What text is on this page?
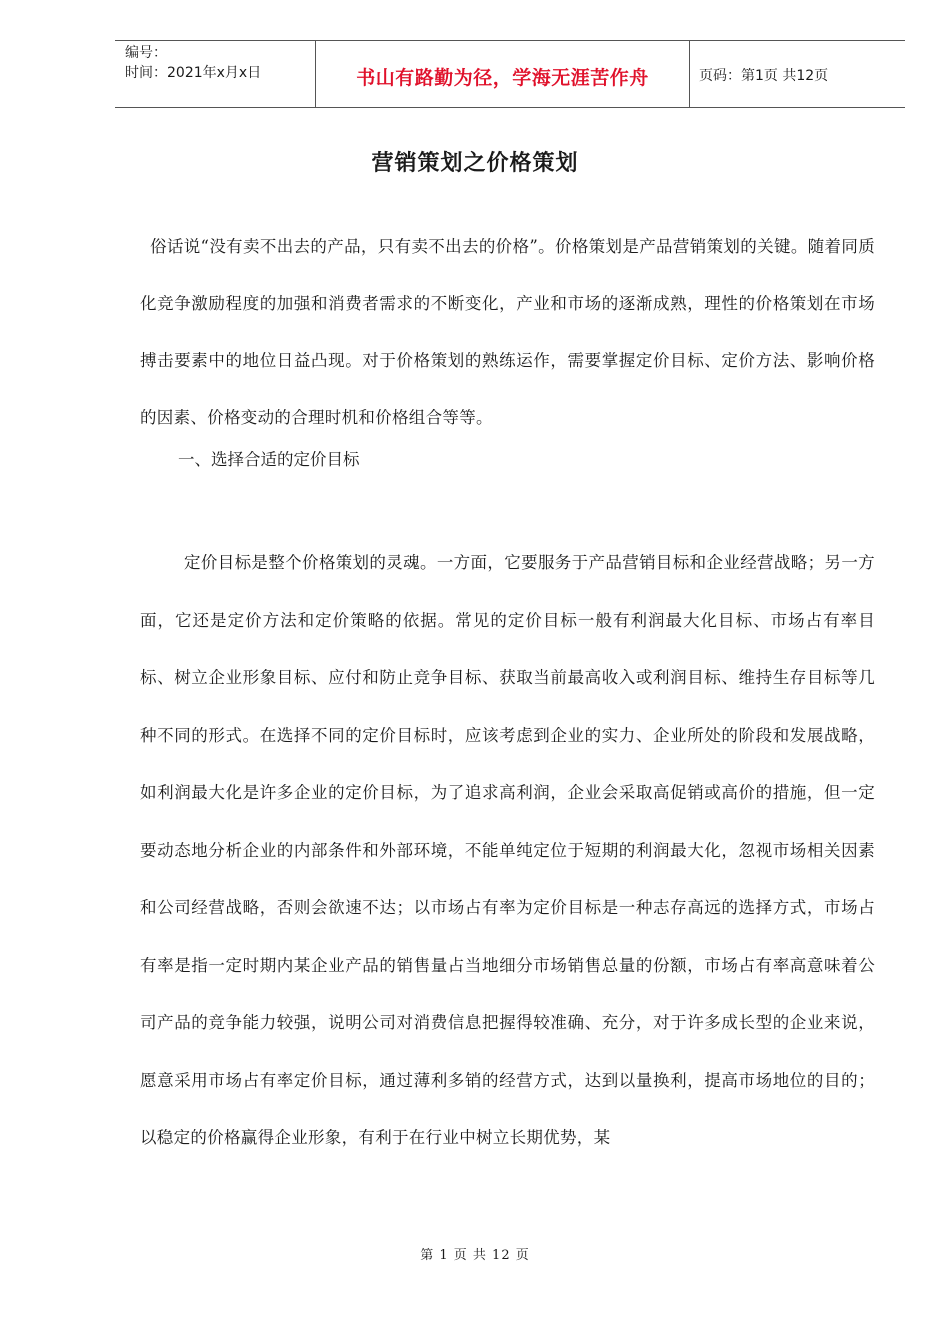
编号：
时间：2021年x月x日	书山有路勤为径，学海无涯苦作舟	页码：第1页 共12页
营销策划之价格策划

俗话说“没有卖不出去的产品，只有卖不出去的价格”。价格策划是产品营销策划的关键。随着同质化竞争激励程度的加强和消费者需求的不断变化，产业和市场的逐渐成熟，理性的价格策划在市场搏击要素中的地位日益凸现。对于价格策划的熟练运作，需要掌握定价目标、定价方法、影响价格的因素、价格变动的合理时机和价格组合等等。

一、选择合适的定价目标

定价目标是整个价格策划的灵魂。一方面，它要服务于产品营销目标和企业经营战略；另一方面，它还是定价方法和定价策略的依据。常见的定价目标一般有利润最大化目标、市场占有率目标、树立企业形象目标、应付和防止竞争目标、获取当前最高收入或利润目标、维持生存目标等几种不同的形式。在选择不同的定价目标时，应该考虑到企业的实力、企业所处的阶段和发展战略，如利润最大化是许多企业的定价目标，为了追求高利润，企业会采取高促销或高价的措施，但一定要动态地分析企业的内部条件和外部环境，不能单纯定位于短期的利润最大化，忽视市场相关因素和公司经营战略，否则会欲速不达；以市场占有率为定价目标是一种志存高远的选择方式，市场占有率是指一定时期内某企业产品的销售量占当地细分市场销售总量的份额，市场占有率高意味着公司产品的竞争能力较强，说明公司对消费信息把握得较准确、充分，对于许多成长型的企业来说，愿意采用市场占有率定价目标，通过薄利多销的经营方式，达到以量换利，提高市场地位的目的；以稳定的价格赢得企业形象，有利于在行业中树立长期优势，某

第 1 页 共 12 页
